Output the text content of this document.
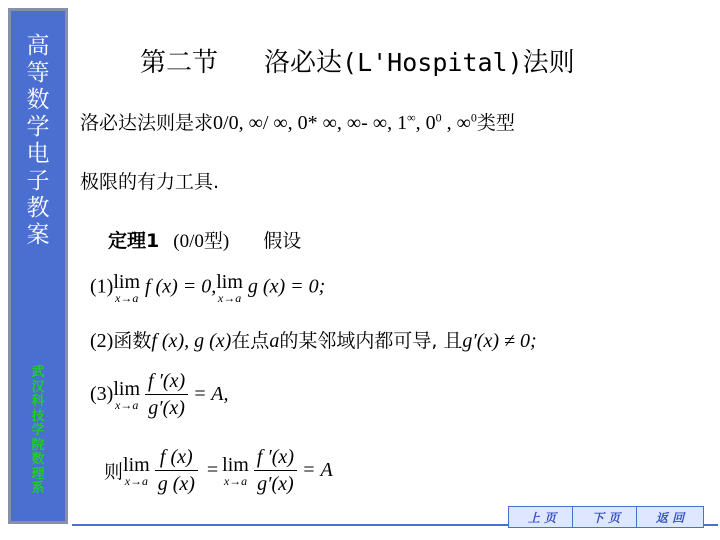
高
等
数
学
电
子
教
案
武
汉
科
技
学
院
数
理
系
第二节 洛必达(L'Hospital)法则
洛必达法则是求0/0, ∞/ ∞, 0* ∞, ∞- ∞, 1∞, $0^0$ , ∞$^0$类型
极限的有力工具.
定理1 (0/0型) 假设
(1) lim
x→a
f (x) = 0, lim
x→a
g (x) = 0;
(2)函数f (x), g (x)在点a的某邻域内都可导, 且g′(x) ≠ 0;
(3) lim
x→a
$\frac{f '(x)}{g'(x)} = A$,
则 lim
x→a
$\frac{f (x)}{g (x)} = \lim$
x→a
$\frac{f '(x)}{g'(x)} = A$
上 页	下 页	返 回
